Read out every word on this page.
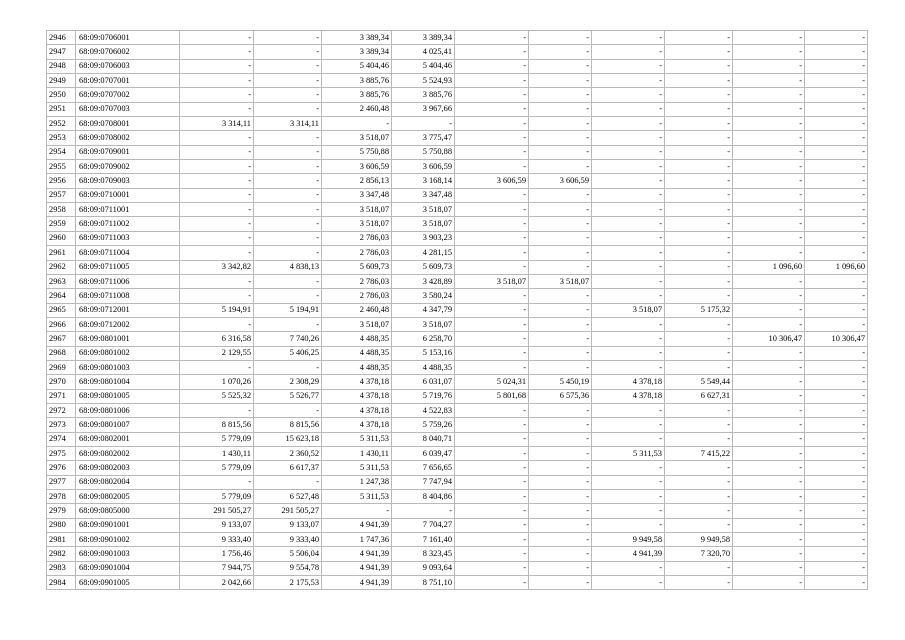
2946	68:09:0706001	-	-	3 389,34	3 389,34	-	-	-	-	-	-
2947	68:09:0706002	-	-	3 389,34	4 025,41	-	-	-	-	-	-
2948	68:09:0706003	-	-	5 404,46	5 404,46	-	-	-	-	-	-
2949	68:09:0707001	-	-	3 885,76	5 524,93	-	-	-	-	-	-
2950	68:09:0707002	-	-	3 885,76	3 885,76	-	-	-	-	-	-
2951	68:09:0707003	-	-	2 460,48	3 967,66	-	-	-	-	-	-
2952	68:09:0708001	3 314,11	3 314,11	-	-	-	-	-	-	-	-
2953	68:09:0708002	-	-	3 518,07	3 775,47	-	-	-	-	-	-
2954	68:09:0709001	-	-	5 750,88	5 750,88	-	-	-	-	-	-
2955	68:09:0709002	-	-	3 606,59	3 606,59	-	-	-	-	-	-
2956	68:09:0709003	-	-	2 856,13	3 168,14	3 606,59	3 606,59	-	-	-	-
2957	68:09:0710001	-	-	3 347,48	3 347,48	-	-	-	-	-	-
2958	68:09:0711001	-	-	3 518,07	3 518,07	-	-	-	-	-	-
2959	68:09:0711002	-	-	3 518,07	3 518,07	-	-	-	-	-	-
2960	68:09:0711003	-	-	2 786,03	3 903,23	-	-	-	-	-	-
2961	68:09:0711004	-	-	2 786,03	4 281,15	-	-	-	-	-	-
2962	68:09:0711005	3 342,82	4 838,13	5 609,73	5 609,73	-	-	-	-	1 096,60	1 096,60
2963	68:09:0711006	-	-	2 786,03	3 428,89	3 518,07	3 518,07	-	-	-	-
2964	68:09:0711008	-	-	2 786,03	3 580,24	-	-	-	-	-	-
2965	68:09:0712001	5 194,91	5 194,91	2 460,48	4 347,79	-	-	3 518,07	5 175,32	-	-
2966	68:09:0712002	-	-	3 518,07	3 518,07	-	-	-	-	-	-
2967	68:09:0801001	6 316,58	7 740,26	4 488,35	6 258,70	-	-	-	-	10 306,47	10 306,47
2968	68:09:0801002	2 129,55	5 406,25	4 488,35	5 153,16	-	-	-	-	-	-
2969	68:09:0801003	-	-	4 488,35	4 488,35	-	-	-	-	-	-
2970	68:09:0801004	1 070,26	2 308,29	4 378,18	6 031,07	5 024,31	5 450,19	4 378,18	5 549,44	-	-
2971	68:09:0801005	5 525,32	5 526,77	4 378,18	5 719,76	5 801,68	6 575,36	4 378,18	6 627,31	-	-
2972	68:09:0801006	-	-	4 378,18	4 522,83	-	-	-	-	-	-
2973	68:09:0801007	8 815,56	8 815,56	4 378,18	5 759,26	-	-	-	-	-	-
2974	68:09:0802001	5 779,09	15 623,18	5 311,53	8 040,71	-	-	-	-	-	-
2975	68:09:0802002	1 430,11	2 360,52	1 430,11	6 039,47	-	-	5 311,53	7 415,22	-	-
2976	68:09:0802003	5 779,09	6 617,37	5 311,53	7 656,65	-	-	-	-	-	-
2977	68:09:0802004	-	-	1 247,38	7 747,94	-	-	-	-	-	-
2978	68:09:0802005	5 779,09	6 527,48	5 311,53	8 404,86	-	-	-	-	-	-
2979	68:09:0805000	291 505,27	291 505,27	-	-	-	-	-	-	-	-
2980	68:09:0901001	9 133,07	9 133,07	4 941,39	7 704,27	-	-	-	-	-	-
2981	68:09:0901002	9 333,40	9 333,40	1 747,36	7 161,40	-	-	9 949,58	9 949,58	-	-
2982	68:09:0901003	1 756,46	5 506,04	4 941,39	8 323,45	-	-	4 941,39	7 320,70	-	-
2983	68:09:0901004	7 944,75	9 554,78	4 941,39	9 093,64	-	-	-	-	-	-
2984	68:09:0901005	2 042,66	2 175,53	4 941,39	8 751,10	-	-	-	-	-	-
